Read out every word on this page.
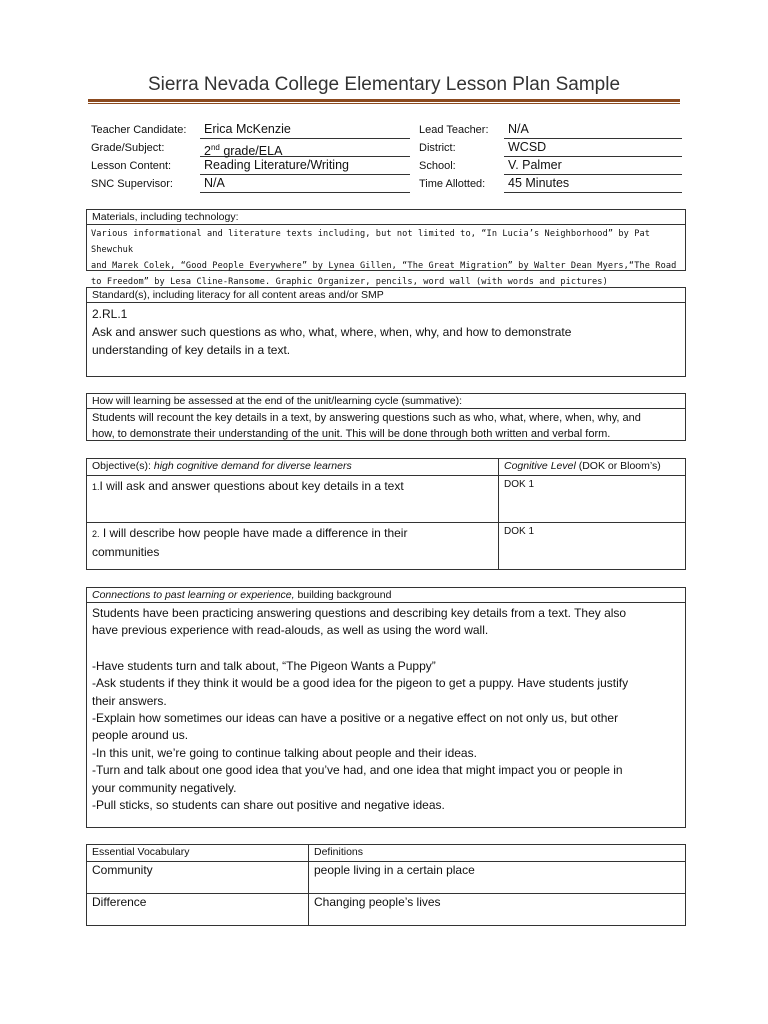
Sierra Nevada College Elementary Lesson Plan Sample
Teacher Candidate:	Erica McKenzie
Grade/Subject:	2nd grade/ELA
Lesson Content:	Reading Literature/Writing
SNC Supervisor:	N/A
Lead Teacher:	N/A
District:	WCSD
School:	V. Palmer
Time Allotted:	45 Minutes
Materials, including technology:
Various informational and literature texts including, but not limited to, “In Lucia’s Neighborhood” by Pat Shewchuk
and Marek Colek, “Good People Everywhere” by Lynea Gillen, “The Great Migration” by Walter Dean Myers,“The Road
to Freedom” by Lesa Cline-Ransome. Graphic Organizer, pencils, word wall (with words and pictures)
Standard(s), including literacy for all content areas and/or SMP
2.RL.1
Ask and answer such questions as who, what, where, when, why, and how to demonstrate
understanding of key details in a text.
How will learning be assessed at the end of the unit/learning cycle (summative):
Students will recount the key details in a text, by answering questions such as who, what, where, when, why, and
how, to demonstrate their understanding of the unit. This will be done through both written and verbal form.
Objective(s): high cognitive demand for diverse learners	Cognitive Level (DOK or Bloom’s)
1.I will ask and answer questions about key details in a text	DOK 1
2. I will describe how people have made a difference in their
communities	DOK 1
Connections to past learning or experience, building background
Students have been practicing answering questions and describing key details from a text. They also
have previous experience with read-alouds, as well as using the word wall.
-Have students turn and talk about, “The Pigeon Wants a Puppy”
-Ask students if they think it would be a good idea for the pigeon to get a puppy. Have students justify
their answers.
-Explain how sometimes our ideas can have a positive or a negative effect on not only us, but other
people around us.
-In this unit, we’re going to continue talking about people and their ideas.
-Turn and talk about one good idea that you’ve had, and one idea that might impact you or people in
your community negatively.
-Pull sticks, so students can share out positive and negative ideas.
Essential Vocabulary	Definitions
Community	people living in a certain place
Difference	Changing people’s lives
